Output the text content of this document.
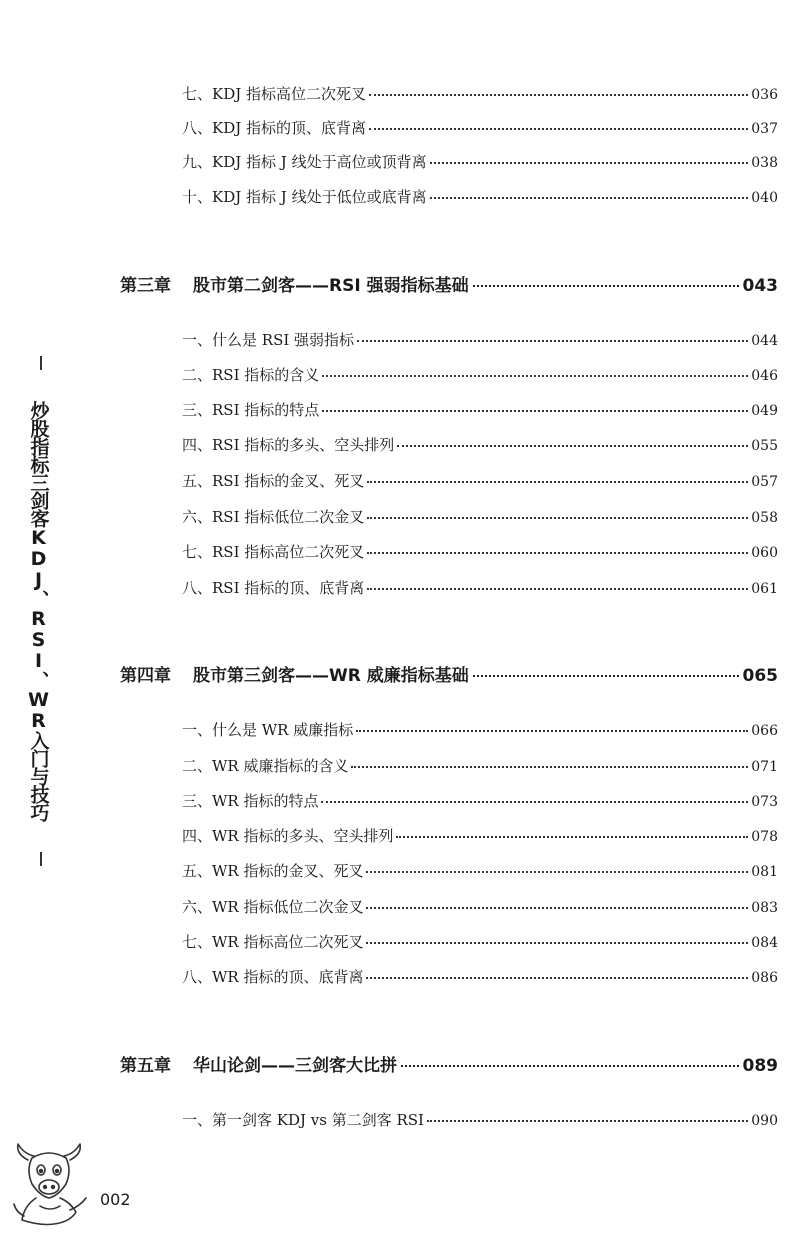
炒股指标三剑客KDJ、RSI、WR入门与技巧
七、KDJ 指标高位二次死叉	036
八、KDJ 指标的顶、底背离	037
九、KDJ 指标 J 线处于高位或顶背离	038
十、KDJ 指标 J 线处于低位或底背离	040
第三章 股市第二剑客——RSI 强弱指标基础	043
一、什么是 RSI 强弱指标	044
二、RSI 指标的含义	046
三、RSI 指标的特点	049
四、RSI 指标的多头、空头排列	055
五、RSI 指标的金叉、死叉	057
六、RSI 指标低位二次金叉	058
七、RSI 指标高位二次死叉	060
八、RSI 指标的顶、底背离	061
第四章 股市第三剑客——WR 威廉指标基础	065
一、什么是 WR 威廉指标	066
二、WR 威廉指标的含义	071
三、WR 指标的特点	073
四、WR 指标的多头、空头排列	078
五、WR 指标的金叉、死叉	081
六、WR 指标低位二次金叉	083
七、WR 指标高位二次死叉	084
八、WR 指标的顶、底背离	086
第五章 华山论剑——三剑客大比拼	089
一、第一剑客 KDJ vs 第二剑客 RSI	090
002
